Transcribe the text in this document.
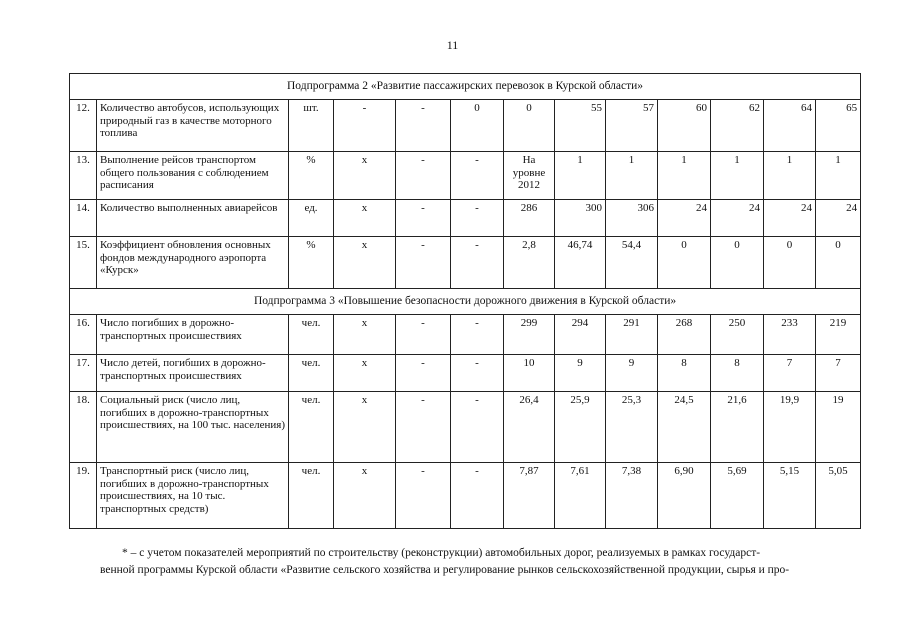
11
Подпрограмма 2 «Развитие пассажирских перевозок в Курской области»												
12.	Количество автобусов, использующих природный газ в качестве моторного топлива	шт.	-	-	0	0	55	57	60	62	64	65
13.	Выполнение рейсов транспортом общего пользования с соблюдением расписания	%	x	-	-	На уровне 2012	1	1	1	1	1	1
14.	Количество выполненных авиарейсов	ед.	x	-	-	286	300	306	24	24	24	24
15.	Коэффициент обновления основных фондов международного аэропорта «Курск»	%	x	-	-	2,8	46,74	54,4	0	0	0	0
Подпрограмма 3 «Повышение безопасности дорожного движения в Курской области»												
16.	Число погибших в дорожно-транспортных происшествиях	чел.	x	-	-	299	294	291	268	250	233	219
17.	Число детей, погибших в дорожно-транспортных происшествиях	чел.	x	-	-	10	9	9	8	8	7	7
18.	Социальный риск (число лиц, погибших в дорожно-транспортных происшествиях, на 100 тыс. населения)	чел.	x	-	-	26,4	25,9	25,3	24,5	21,6	19,9	19
19.	Транспортный риск (число лиц, погибших в дорожно-транспортных происшествиях, на 10 тыс. транспортных средств)	чел.	x	-	-	7,87	7,61	7,38	6,90	5,69	5,15	5,05
* – с учетом показателей мероприятий по строительству (реконструкции) автомобильных дорог, реализуемых в рамках государст-
венной программы Курской области «Развитие сельского хозяйства и регулирование рынков сельскохозяйственной продукции, сырья и про-
